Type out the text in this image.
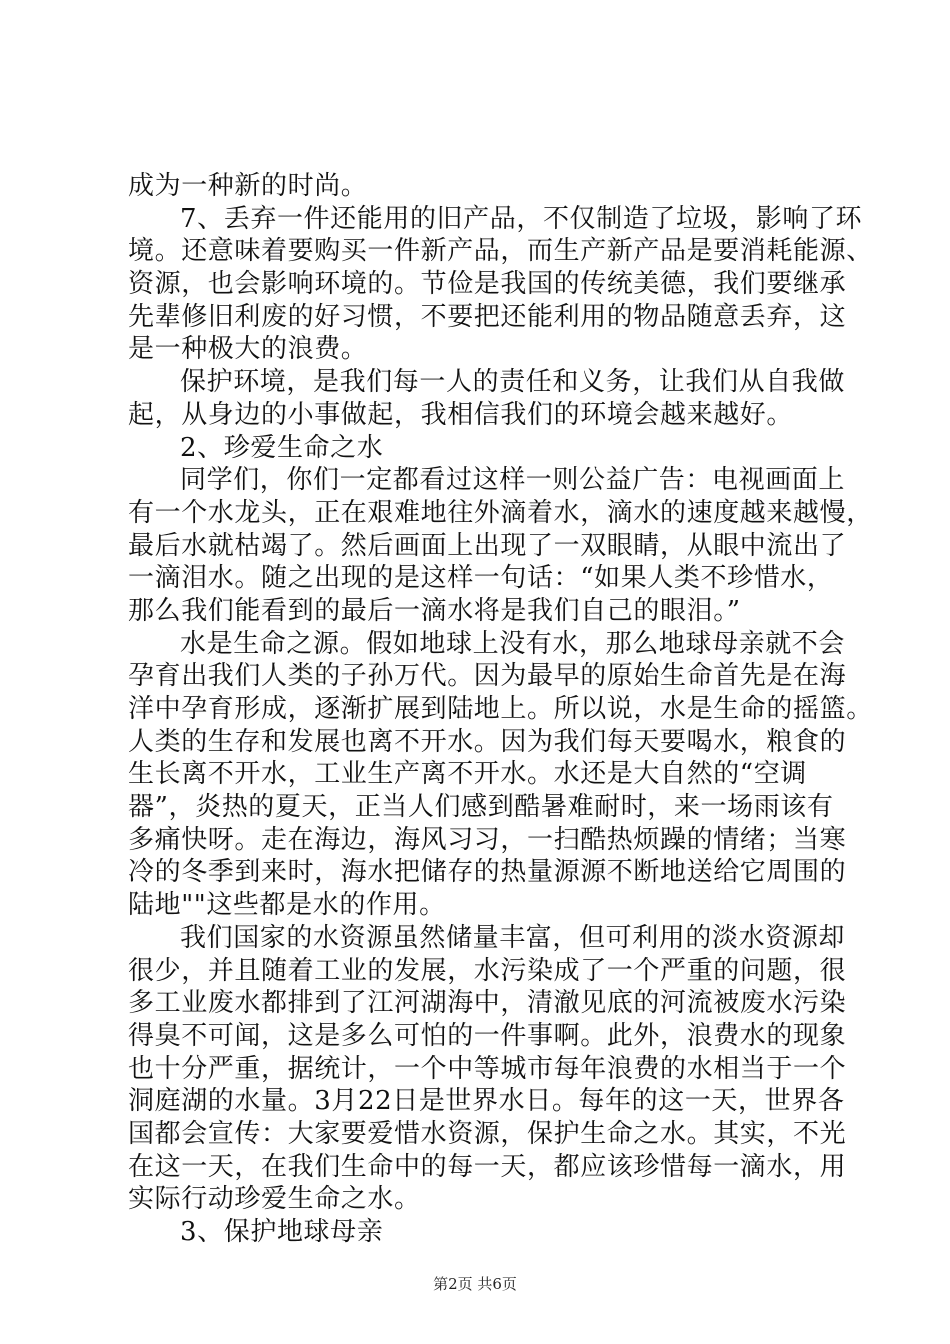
成为一种新的时尚。
7、丢弃一件还能用的旧产品，不仅制造了垃圾，影响了环
境。还意味着要购买一件新产品，而生产新产品是要消耗能源、
资源，也会影响环境的。节俭是我国的传统美德，我们要继承
先辈修旧利废的好习惯，不要把还能利用的物品随意丢弃，这
是一种极大的浪费。
保护环境，是我们每一人的责任和义务，让我们从自我做
起，从身边的小事做起，我相信我们的环境会越来越好。
2、珍爱生命之水
同学们，你们一定都看过这样一则公益广告：电视画面上
有一个水龙头，正在艰难地往外滴着水，滴水的速度越来越慢，
最后水就枯竭了。然后画面上出现了一双眼睛，从眼中流出了
一滴泪水。随之出现的是这样一句话：“如果人类不珍惜水，
那么我们能看到的最后一滴水将是我们自己的眼泪。”
水是生命之源。假如地球上没有水，那么地球母亲就不会
孕育出我们人类的子孙万代。因为最早的原始生命首先是在海
洋中孕育形成，逐渐扩展到陆地上。所以说，水是生命的摇篮。
人类的生存和发展也离不开水。因为我们每天要喝水，粮食的
生长离不开水，工业生产离不开水。水还是大自然的“空调
器”，炎热的夏天，正当人们感到酷暑难耐时，来一场雨该有
多痛快呀。走在海边，海风习习，一扫酷热烦躁的情绪；当寒
冷的冬季到来时，海水把储存的热量源源不断地送给它周围的
陆地""这些都是水的作用。
我们国家的水资源虽然储量丰富，但可利用的淡水资源却
很少，并且随着工业的发展，水污染成了一个严重的问题，很
多工业废水都排到了江河湖海中，清澈见底的河流被废水污染
得臭不可闻，这是多么可怕的一件事啊。此外，浪费水的现象
也十分严重，据统计，一个中等城市每年浪费的水相当于一个
洞庭湖的水量。3月22日是世界水日。每年的这一天，世界各
国都会宣传：大家要爱惜水资源，保护生命之水。其实，不光
在这一天，在我们生命中的每一天，都应该珍惜每一滴水，用
实际行动珍爱生命之水。
3、保护地球母亲
第2页 共6页
